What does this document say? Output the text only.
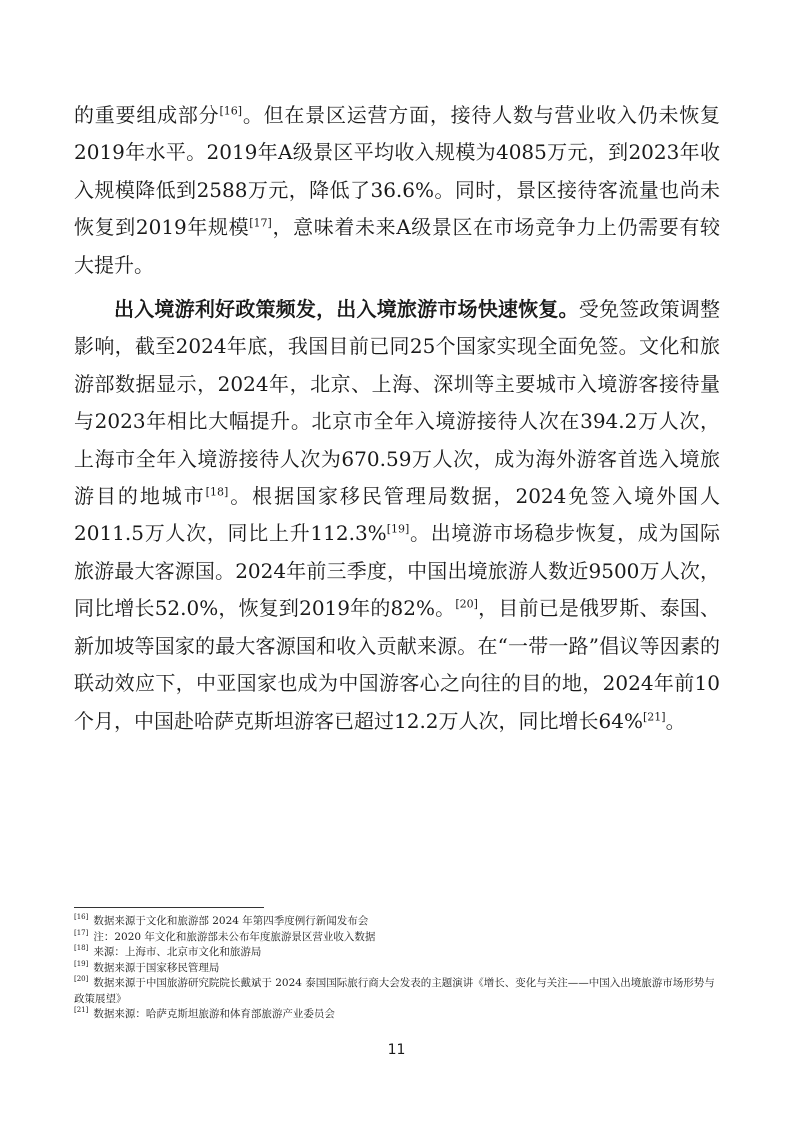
的重要组成部分[16]。但在景区运营方面，接待人数与营业收入仍未恢复2019年水平。2019年A级景区平均收入规模为4085万元，到2023年收入规模降低到2588万元，降低了36.6%。同时，景区接待客流量也尚未恢复到2019年规模[17]，意味着未来A级景区在市场竞争力上仍需要有较大提升。

出入境游利好政策频发，出入境旅游市场快速恢复。受免签政策调整影响，截至2024年底，我国目前已同25个国家实现全面免签。文化和旅游部数据显示，2024年，北京、上海、深圳等主要城市入境游客接待量与2023年相比大幅提升。北京市全年入境游接待人次在394.2万人次，上海市全年入境游接待人次为670.59万人次，成为海外游客首选入境旅游目的地城市[18]。根据国家移民管理局数据，2024免签入境外国人2011.5万人次，同比上升112.3%[19]。出境游市场稳步恢复，成为国际旅游最大客源国。2024年前三季度，中国出境旅游人数近9500万人次，同比增长52.0%，恢复到2019年的82%。[20]，目前已是俄罗斯、泰国、新加坡等国家的最大客源国和收入贡献来源。在“一带一路”倡议等因素的联动效应下，中亚国家也成为中国游客心之向往的目的地，2024年前10个月，中国赴哈萨克斯坦游客已超过12.2万人次，同比增长64%[21]。

[16] 数据来源于文化和旅游部 2024 年第四季度例行新闻发布会

[17] 注：2020 年文化和旅游部未公布年度旅游景区营业收入数据

[18] 来源：上海市、北京市文化和旅游局

[19] 数据来源于国家移民管理局

[20] 数据来源于中国旅游研究院院长戴斌于 2024 泰国国际旅行商大会发表的主题演讲《增长、变化与关注——中国入出境旅游市场形势与政策展望》

[21] 数据来源：哈萨克斯坦旅游和体育部旅游产业委员会

11
